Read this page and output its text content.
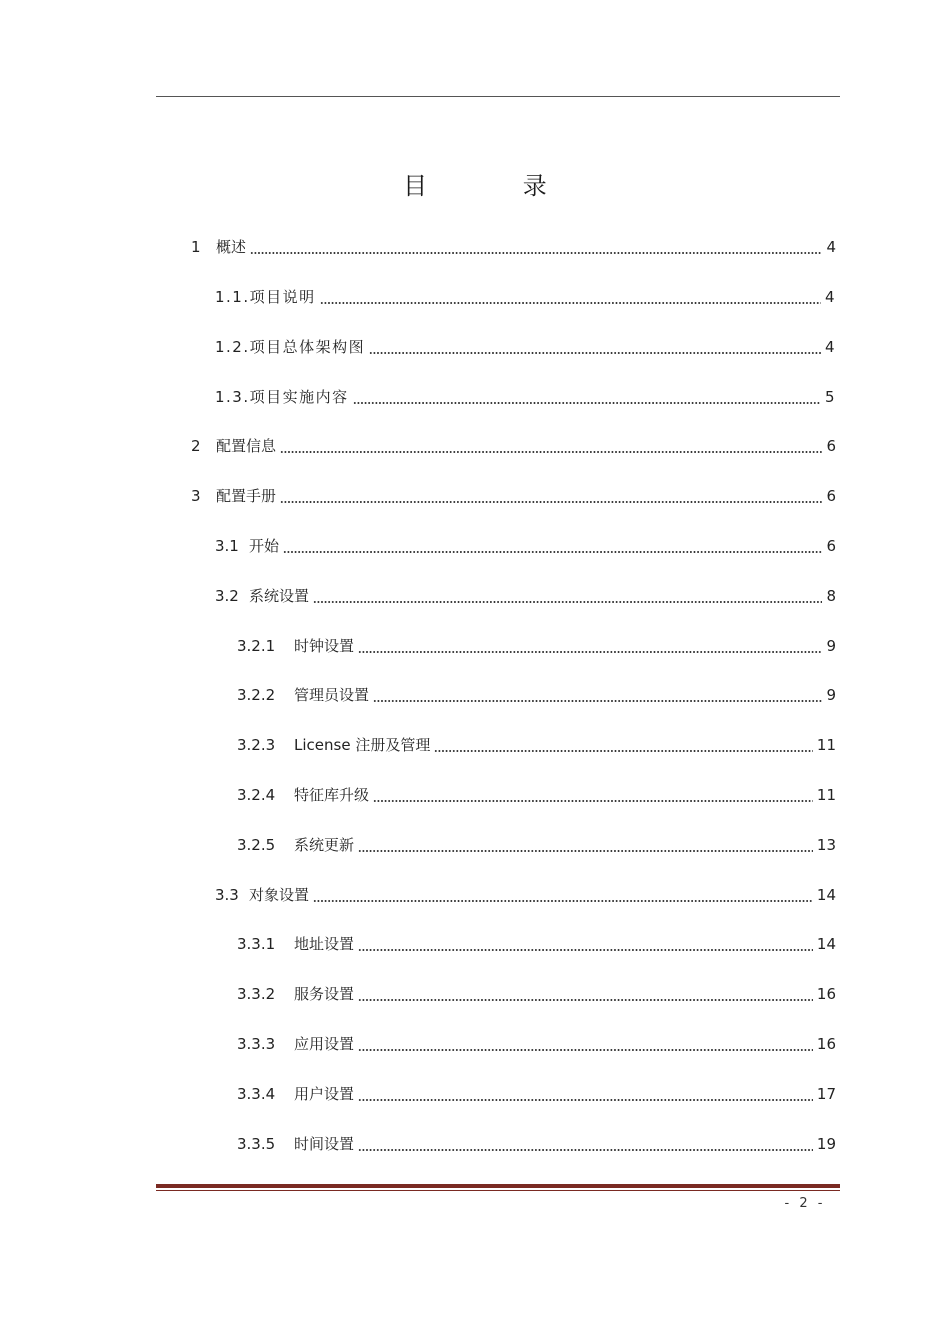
目 录
1	概述	4
1.1.项目说明	4
1.2.项目总体架构图	4
1.3.项目实施内容	5
2	配置信息	6
3	配置手册	6
3.1 开始	6
3.2 系统设置	8
3.2.1	时钟设置	9
3.2.2	管理员设置	9
3.2.3	License 注册及管理	11
3.2.4	特征库升级	11
3.2.5	系统更新	13
3.3 对象设置	14
3.3.1	地址设置	14
3.3.2	服务设置	16
3.3.3	应用设置	16
3.3.4	用户设置	17
3.3.5	时间设置	19
- 2 -
